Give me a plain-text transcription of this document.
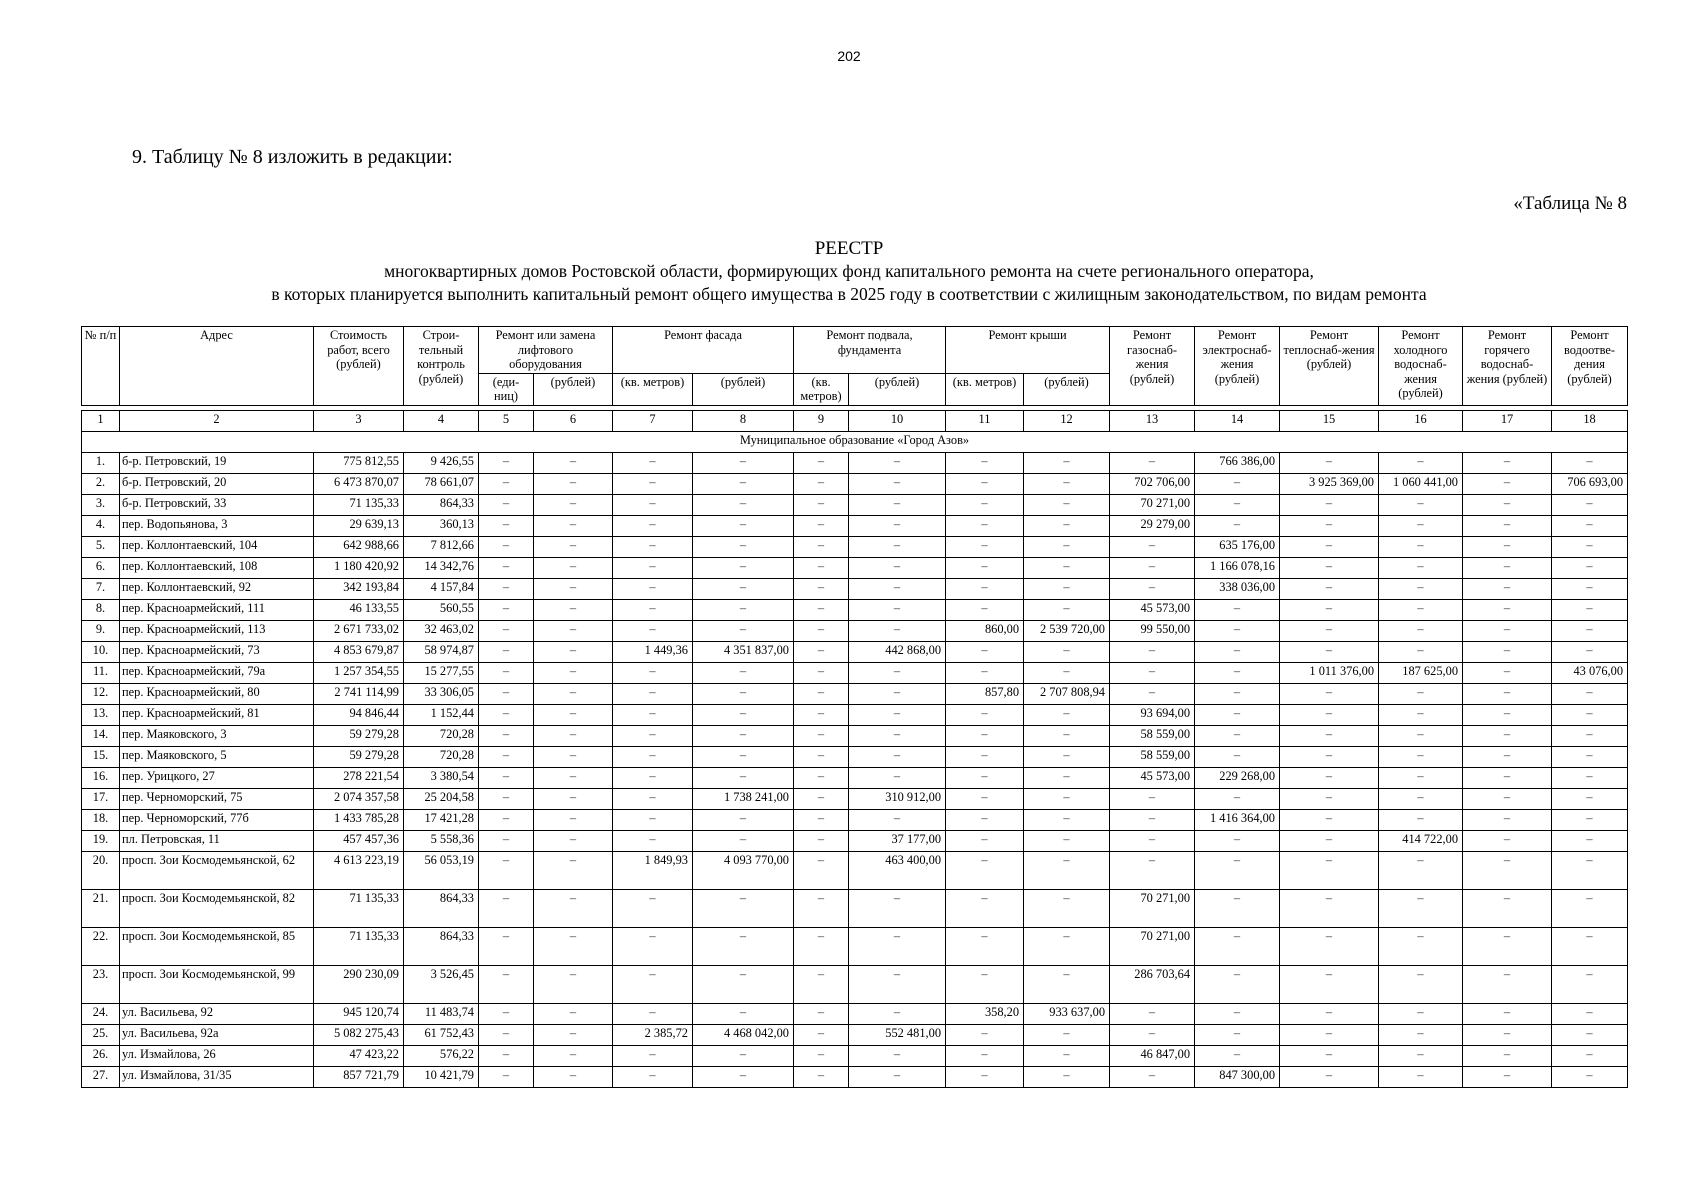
202
9. Таблицу № 8 изложить в редакции:
«Таблица № 8
РЕЕСТР
многоквартирных домов Ростовской области, формирующих фонд капитального ремонта на счете регионального оператора,
в которых планируется выполнить капитальный ремонт общего имущества в 2025 году в соответствии с жилищным законодательством, по видам ремонта
№ п/п	Адрес	Стоимость работ, всего (рублей)	Строи-тельный контроль (рублей)	Ремонт или замена лифтового оборудования		Ремонт фасада		Ремонт подвала, фундамента		Ремонт крыши		Ремонт газоснаб-жения (рублей)	Ремонт электроснаб-жения (рублей)	Ремонт теплоснаб-жения (рублей)	Ремонт холодного водоснаб-жения (рублей)	Ремонт горячего водоснаб-жения (рублей)	Ремонт водоотве-дения (рублей)
				(еди-ниц)	(рублей)	(кв. метров)	(рублей)	(кв. метров)	(рублей)	(кв. метров)	(рублей)						

1	2	3	4	5	6	7	8	9	10	11	12	13	14	15	16	17	18
Муниципальное образование «Город Азов»																	
1.	б-р. Петровский, 19	775 812,55	9 426,55	–	–	–	–	–	–	–	–	–	766 386,00	–	–	–	–
2.	б-р. Петровский, 20	6 473 870,07	78 661,07	–	–	–	–	–	–	–	–	702 706,00	–	3 925 369,00	1 060 441,00	–	706 693,00
3.	б-р. Петровский, 33	71 135,33	864,33	–	–	–	–	–	–	–	–	70 271,00	–	–	–	–	–
4.	пер. Водопьянова, 3	29 639,13	360,13	–	–	–	–	–	–	–	–	29 279,00	–	–	–	–	–
5.	пер. Коллонтаевский, 104	642 988,66	7 812,66	–	–	–	–	–	–	–	–	–	635 176,00	–	–	–	–
6.	пер. Коллонтаевский, 108	1 180 420,92	14 342,76	–	–	–	–	–	–	–	–	–	1 166 078,16	–	–	–	–
7.	пер. Коллонтаевский, 92	342 193,84	4 157,84	–	–	–	–	–	–	–	–	–	338 036,00	–	–	–	–
8.	пер. Красноармейский, 111	46 133,55	560,55	–	–	–	–	–	–	–	–	45 573,00	–	–	–	–	–
9.	пер. Красноармейский, 113	2 671 733,02	32 463,02	–	–	–	–	–	–	860,00	2 539 720,00	99 550,00	–	–	–	–	–
10.	пер. Красноармейский, 73	4 853 679,87	58 974,87	–	–	1 449,36	4 351 837,00	–	442 868,00	–	–	–	–	–	–	–	–
11.	пер. Красноармейский, 79а	1 257 354,55	15 277,55	–	–	–	–	–	–	–	–	–	–	1 011 376,00	187 625,00	–	43 076,00
12.	пер. Красноармейский, 80	2 741 114,99	33 306,05	–	–	–	–	–	–	857,80	2 707 808,94	–	–	–	–	–	–
13.	пер. Красноармейский, 81	94 846,44	1 152,44	–	–	–	–	–	–	–	–	93 694,00	–	–	–	–	–
14.	пер. Маяковского, 3	59 279,28	720,28	–	–	–	–	–	–	–	–	58 559,00	–	–	–	–	–
15.	пер. Маяковского, 5	59 279,28	720,28	–	–	–	–	–	–	–	–	58 559,00	–	–	–	–	–
16.	пер. Урицкого, 27	278 221,54	3 380,54	–	–	–	–	–	–	–	–	45 573,00	229 268,00	–	–	–	–
17.	пер. Черноморский, 75	2 074 357,58	25 204,58	–	–	–	1 738 241,00	–	310 912,00	–	–	–	–	–	–	–	–
18.	пер. Черноморский, 77б	1 433 785,28	17 421,28	–	–	–	–	–	–	–	–	–	1 416 364,00	–	–	–	–
19.	пл. Петровская, 11	457 457,36	5 558,36	–	–	–	–	–	37 177,00	–	–	–	–	–	414 722,00	–	–
20.	просп. Зои Космодемьянской, 62	4 613 223,19	56 053,19	–	–	1 849,93	4 093 770,00	–	463 400,00	–	–	–	–	–	–	–	–
21.	просп. Зои Космодемьянской, 82	71 135,33	864,33	–	–	–	–	–	–	–	–	70 271,00	–	–	–	–	–
22.	просп. Зои Космодемьянской, 85	71 135,33	864,33	–	–	–	–	–	–	–	–	70 271,00	–	–	–	–	–
23.	просп. Зои Космодемьянской, 99	290 230,09	3 526,45	–	–	–	–	–	–	–	–	286 703,64	–	–	–	–	–
24.	ул. Васильева, 92	945 120,74	11 483,74	–	–	–	–	–	–	358,20	933 637,00	–	–	–	–	–	–
25.	ул. Васильева, 92а	5 082 275,43	61 752,43	–	–	2 385,72	4 468 042,00	–	552 481,00	–	–	–	–	–	–	–	–
26.	ул. Измайлова, 26	47 423,22	576,22	–	–	–	–	–	–	–	–	46 847,00	–	–	–	–	–
27.	ул. Измайлова, 31/35	857 721,79	10 421,79	–	–	–	–	–	–	–	–	–	847 300,00	–	–	–	–
